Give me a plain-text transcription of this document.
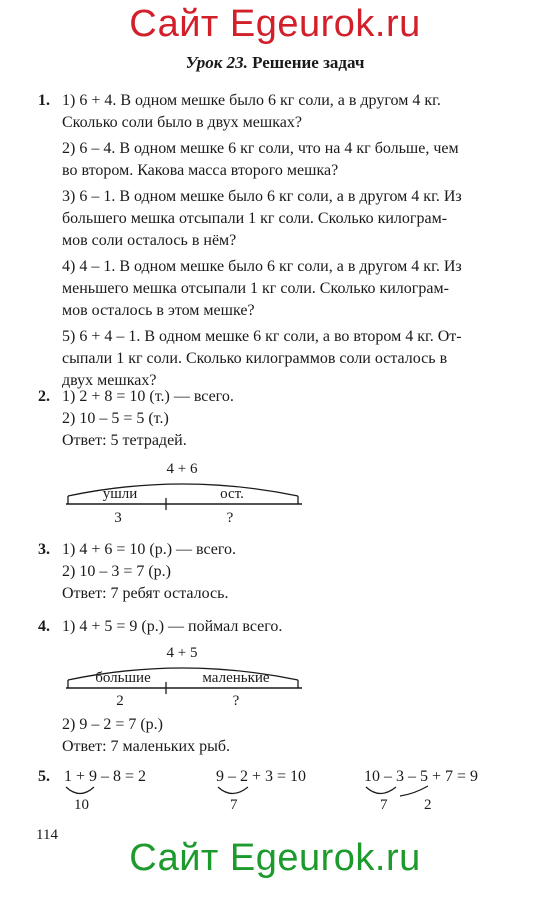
Сайт Egeurok.ru
Урок 23. Решение задач
1. 1) 6 + 4. В одном мешке было 6 кг соли, а в другом 4 кг.
Сколько соли было в двух мешках?
2) 6 – 4. В одном мешке 6 кг соли, что на 4 кг больше, чем
во втором. Какова масса второго мешка?
3) 6 – 1. В одном мешке было 6 кг соли, а в другом 4 кг. Из
большего мешка отсыпали 1 кг соли. Сколько килограм-
мов соли осталось в нём?
4) 4 – 1. В одном мешке было 6 кг соли, а в другом 4 кг. Из
меньшего мешка отсыпали 1 кг соли. Сколько килограм-
мов осталось в этом мешке?
5) 6 + 4 – 1. В одном мешке 6 кг соли, а во втором 4 кг. От-
сыпали 1 кг соли. Сколько килограммов соли осталось в
двух мешках?
2. 1) 2 + 8 = 10 (т.) — всего.
2) 10 – 5 = 5 (т.)
Ответ: 5 тетрадей.
4 + 6
ушли	ост.
3	?
3. 1) 4 + 6 = 10 (р.) — всего.
2) 10 – 3 = 7 (р.)
Ответ: 7 ребят осталось.
4. 1) 4 + 5 = 9 (р.) — поймал всего.
4 + 5
большие	маленькие
2	?
2) 9 – 2 = 7 (р.)
Ответ: 7 маленьких рыб.
5. 1 + 9 – 8 = 2
10
9 – 2 + 3 = 10
7
10 – 3 – 5 + 7 = 9
7 2
114
Сайт Egeurok.ru
